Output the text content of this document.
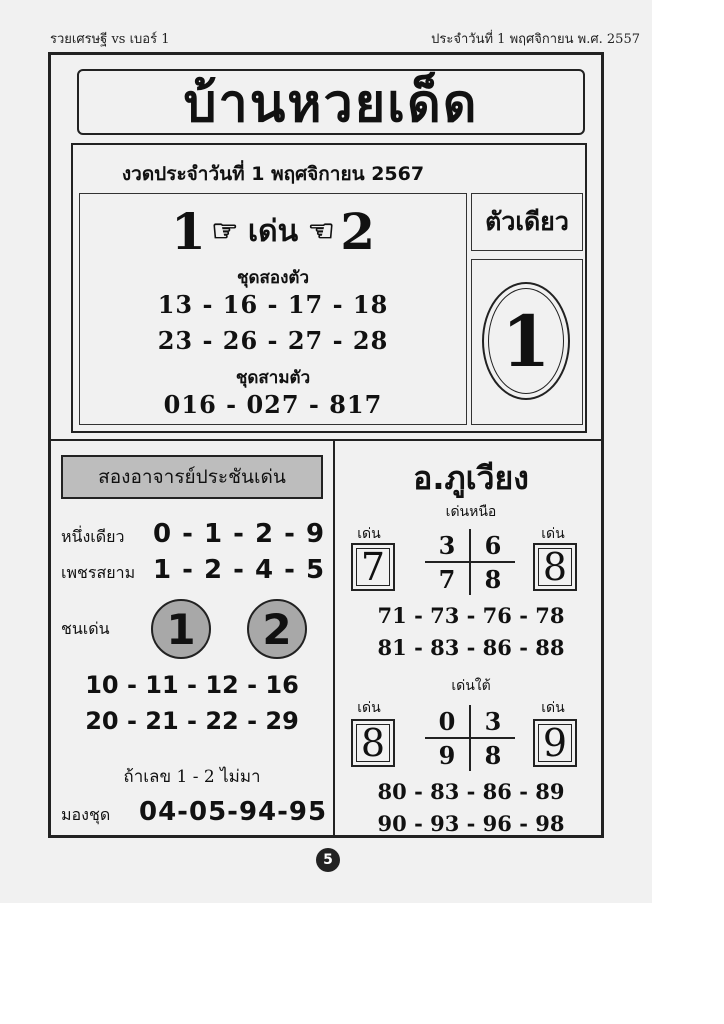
รวยเศรษฐี vs เบอร์ 1	ประจำวันที่ 1 พฤศจิกายน พ.ศ. 2557
บ้านหวยเด็ด
งวดประจำวันที่ 1 พฤศจิกายน 2567
1 ☞ เด่น ☜ 2
ชุดสองตัว
13 - 16 - 17 - 18
23 - 26 - 27 - 28
ชุดสามตัว
016 - 027 - 817
ตัวเดียว
1
สองอาจารย์ประชันเด่น
หนึ่งเดียว 0 - 1 - 2 - 9
เพชรสยาม 1 - 2 - 4 - 5
ชนเด่น	1	2
10 - 11 - 12 - 16
20 - 21 - 22 - 29
ถ้าเลข 1 - 2 ไม่มา
มองชุด 04-05-94-95
อ.ภูเวียง
เด่นหนือ
เด่น	เด่น
7	8
3	6
7	8
71 - 73 - 76 - 78
81 - 83 - 86 - 88
เด่นใต้
เด่น	เด่น
8	9
0	3
9	8
80 - 83 - 86 - 89
90 - 93 - 96 - 98
5
